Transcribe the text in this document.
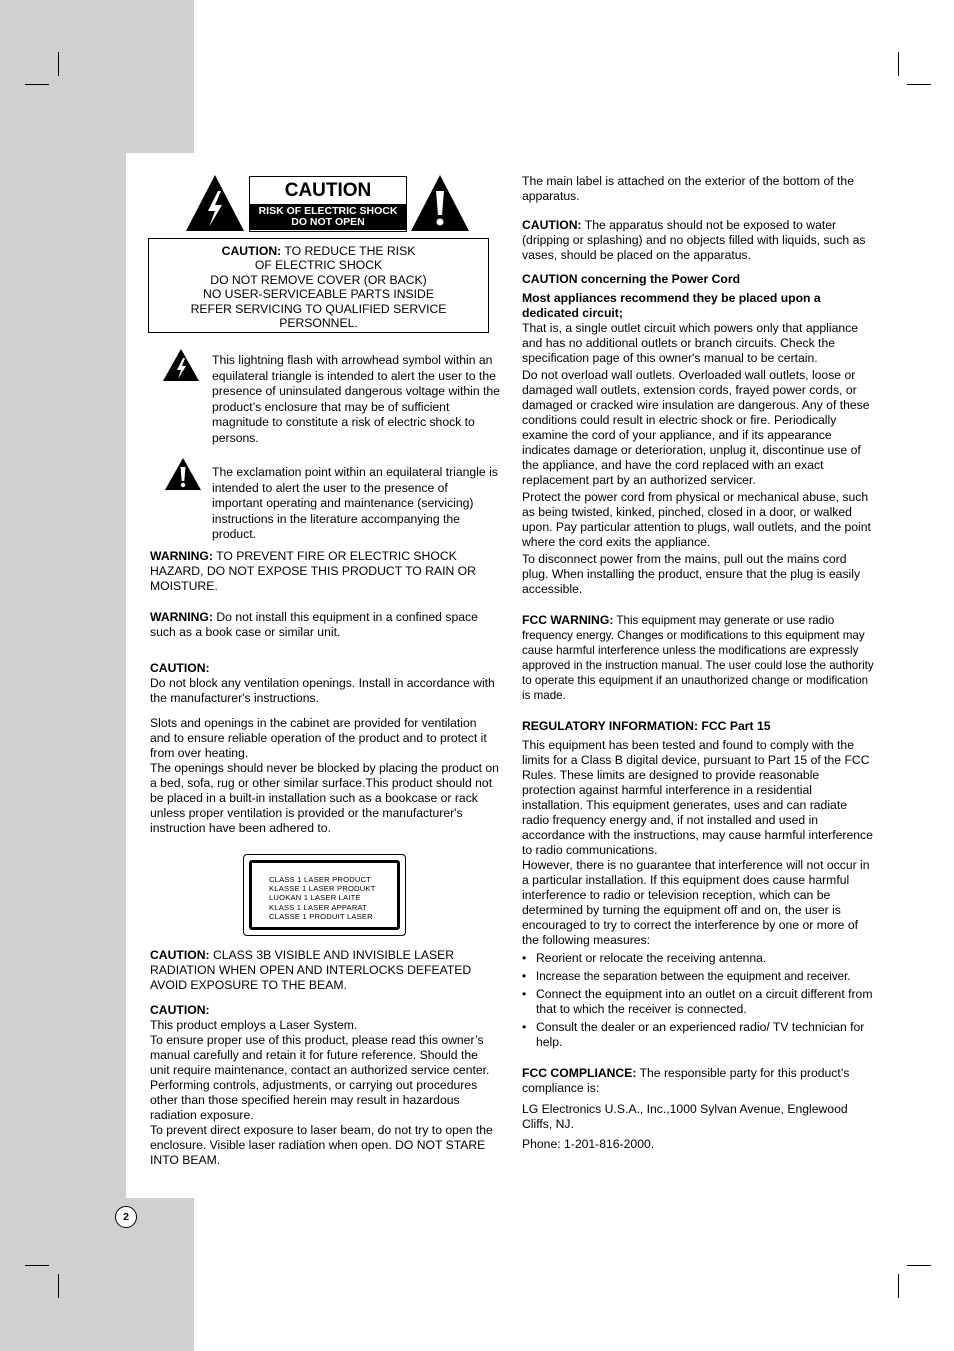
CAUTION
RISK OF ELECTRIC SHOCK
DO NOT OPEN
CAUTION: TO REDUCE THE RISK
OF ELECTRIC SHOCK
DO NOT REMOVE COVER (OR BACK)
NO USER-SERVICEABLE PARTS INSIDE
REFER SERVICING TO QUALIFIED SERVICE
PERSONNEL.

This lightning flash with arrowhead symbol within an equilateral triangle is intended to alert the user to the presence of uninsulated dangerous voltage within the product’s enclosure that may be of sufficient magnitude to constitute a risk of electric shock to persons.

The exclamation point within an equilateral triangle is intended to alert the user to the presence of important operating and maintenance (servicing) instructions in the literature accompanying the product.

WARNING: TO PREVENT FIRE OR ELECTRIC SHOCK HAZARD, DO NOT EXPOSE THIS PRODUCT TO RAIN OR MOISTURE.

WARNING: Do not install this equipment in a confined space such as a book case or similar unit.

CAUTION:

Do not block any ventilation openings. Install in accordance with the manufacturer's instructions.

Slots and openings in the cabinet are provided for ventilation and to ensure reliable operation of the product and to protect it from over heating.

The openings should never be blocked by placing the product on a bed, sofa, rug or other similar surface.This product should not be placed in a built-in installation such as a bookcase or rack unless proper ventilation is provided or the manufacturer's instruction have been adhered to.

CLASS 1 LASER PRODUCT
KLASSE 1 LASER PRODUKT
LUOKAN 1 LASER LAITE
KLASS 1 LASER APPARAT
CLASSE 1 PRODUIT LASER

CAUTION: CLASS 3B VISIBLE AND INVISIBLE LASER RADIATION WHEN OPEN AND INTERLOCKS DEFEATED AVOID EXPOSURE TO THE BEAM.

CAUTION:

This product employs a Laser System.

To ensure proper use of this product, please read this owner’s manual carefully and retain it for future reference. Should the unit require maintenance, contact an authorized service center.

Performing controls, adjustments, or carrying out procedures other than those specified herein may result in hazardous radiation exposure.

To prevent direct exposure to laser beam, do not try to open the enclosure. Visible laser radiation when open. DO NOT STARE INTO BEAM.

The main label is attached on the exterior of the bottom of the apparatus.

CAUTION: The apparatus should not be exposed to water (dripping or splashing) and no objects filled with liquids, such as vases, should be placed on the apparatus.

CAUTION concerning the Power Cord

Most appliances recommend they be placed upon a dedicated circuit;

That is, a single outlet circuit which powers only that appliance and has no additional outlets or branch circuits. Check the specification page of this owner's manual to be certain.

Do not overload wall outlets. Overloaded wall outlets, loose or damaged wall outlets, extension cords, frayed power cords, or damaged or cracked wire insulation are dangerous. Any of these conditions could result in electric shock or fire. Periodically examine the cord of your appliance, and if its appearance indicates damage or deterioration, unplug it, discontinue use of the appliance, and have the cord replaced with an exact replacement part by an authorized servicer.

Protect the power cord from physical or mechanical abuse, such as being twisted, kinked, pinched, closed in a door, or walked upon. Pay particular attention to plugs, wall outlets, and the point where the cord exits the appliance.

To disconnect power from the mains, pull out the mains cord plug. When installing the product, ensure that the plug is easily accessible.

FCC WARNING: This equipment may generate or use radio frequency energy. Changes or modifications to this equipment may cause harmful interference unless the modifications are expressly approved in the instruction manual. The user could lose the authority to operate this equipment if an unauthorized change or modification is made.

REGULATORY INFORMATION: FCC Part 15

This equipment has been tested and found to comply with the limits for a Class B digital device, pursuant to Part 15 of the FCC Rules. These limits are designed to provide reasonable protection against harmful interference in a residential installation. This equipment generates, uses and can radiate radio frequency energy and, if not installed and used in accordance with the instructions, may cause harmful interference to radio communications.

However, there is no guarantee that interference will not occur in a particular installation. If this equipment does cause harmful interference to radio or television reception, which can be determined by turning the equipment off and on, the user is encouraged to try to correct the interference by one or more of the following measures:

• Reorient or relocate the receiving antenna.
• Increase the separation between the equipment and receiver.
• Connect the equipment into an outlet on a circuit different from that to which the receiver is connected.
• Consult the dealer or an experienced radio/ TV technician for help.

FCC COMPLIANCE: The responsible party for this product’s compliance is:

LG Electronics U.S.A., Inc.,1000 Sylvan Avenue, Englewood Cliffs, NJ.

Phone: 1-201-816-2000.

2
